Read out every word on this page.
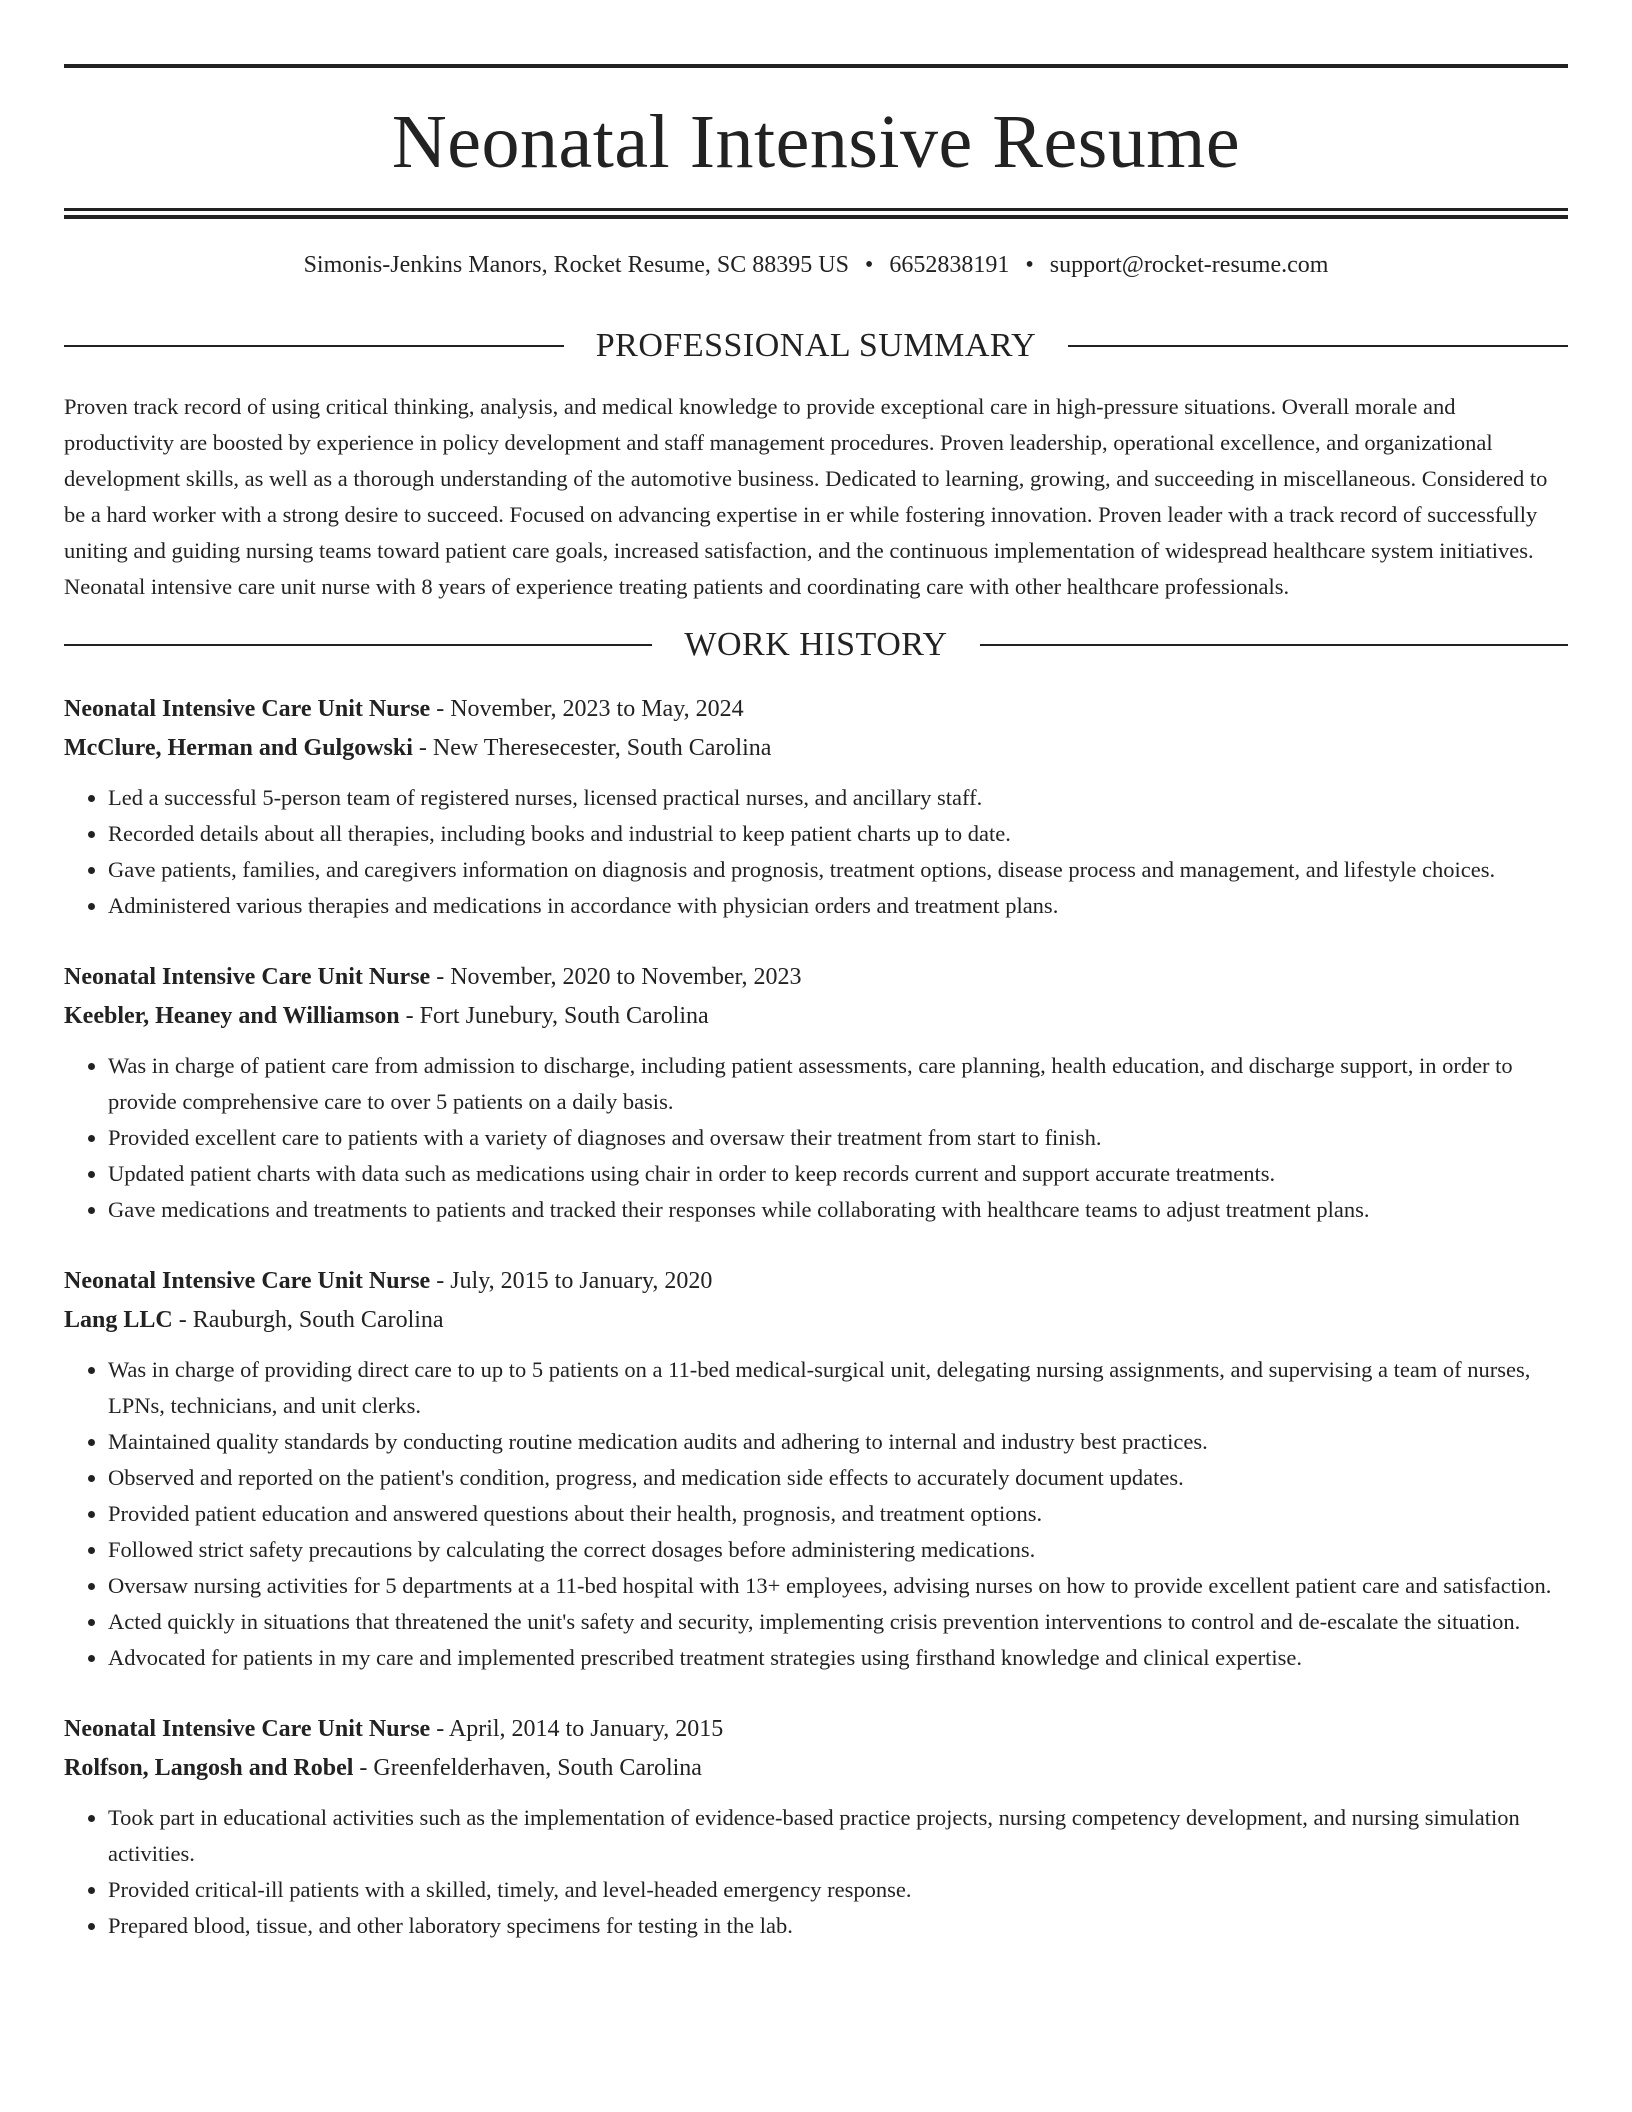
Neonatal Intensive Resume
Simonis-Jenkins Manors, Rocket Resume, SC 88395 US • 6652838191 • support@rocket-resume.com
PROFESSIONAL SUMMARY

Proven track record of using critical thinking, analysis, and medical knowledge to provide exceptional care in high-pressure situations. Overall morale and productivity are boosted by experience in policy development and staff management procedures. Proven leadership, operational excellence, and organizational development skills, as well as a thorough understanding of the automotive business. Dedicated to learning, growing, and succeeding in miscellaneous. Considered to be a hard worker with a strong desire to succeed. Focused on advancing expertise in er while fostering innovation. Proven leader with a track record of successfully uniting and guiding nursing teams toward patient care goals, increased satisfaction, and the continuous implementation of widespread healthcare system initiatives. Neonatal intensive care unit nurse with 8 years of experience treating patients and coordinating care with other healthcare professionals.

WORK HISTORY
Neonatal Intensive Care Unit Nurse - November, 2023 to May, 2024
McClure, Herman and Gulgowski - New Theresecester, South Carolina
• Led a successful 5-person team of registered nurses, licensed practical nurses, and ancillary staff.
• Recorded details about all therapies, including books and industrial to keep patient charts up to date.
• Gave patients, families, and caregivers information on diagnosis and prognosis, treatment options, disease process and management, and lifestyle choices.
• Administered various therapies and medications in accordance with physician orders and treatment plans.
Neonatal Intensive Care Unit Nurse - November, 2020 to November, 2023
Keebler, Heaney and Williamson - Fort Junebury, South Carolina
• Was in charge of patient care from admission to discharge, including patient assessments, care planning, health education, and discharge support, in order to provide comprehensive care to over 5 patients on a daily basis.
• Provided excellent care to patients with a variety of diagnoses and oversaw their treatment from start to finish.
• Updated patient charts with data such as medications using chair in order to keep records current and support accurate treatments.
• Gave medications and treatments to patients and tracked their responses while collaborating with healthcare teams to adjust treatment plans.
Neonatal Intensive Care Unit Nurse - July, 2015 to January, 2020
Lang LLC - Rauburgh, South Carolina
• Was in charge of providing direct care to up to 5 patients on a 11-bed medical-surgical unit, delegating nursing assignments, and supervising a team of nurses, LPNs, technicians, and unit clerks.
• Maintained quality standards by conducting routine medication audits and adhering to internal and industry best practices.
• Observed and reported on the patient's condition, progress, and medication side effects to accurately document updates.
• Provided patient education and answered questions about their health, prognosis, and treatment options.
• Followed strict safety precautions by calculating the correct dosages before administering medications.
• Oversaw nursing activities for 5 departments at a 11-bed hospital with 13+ employees, advising nurses on how to provide excellent patient care and satisfaction.
• Acted quickly in situations that threatened the unit's safety and security, implementing crisis prevention interventions to control and de-escalate the situation.
• Advocated for patients in my care and implemented prescribed treatment strategies using firsthand knowledge and clinical expertise.
Neonatal Intensive Care Unit Nurse - April, 2014 to January, 2015
Rolfson, Langosh and Robel - Greenfelderhaven, South Carolina
• Took part in educational activities such as the implementation of evidence-based practice projects, nursing competency development, and nursing simulation activities.
• Provided critical-ill patients with a skilled, timely, and level-headed emergency response.
• Prepared blood, tissue, and other laboratory specimens for testing in the lab.
